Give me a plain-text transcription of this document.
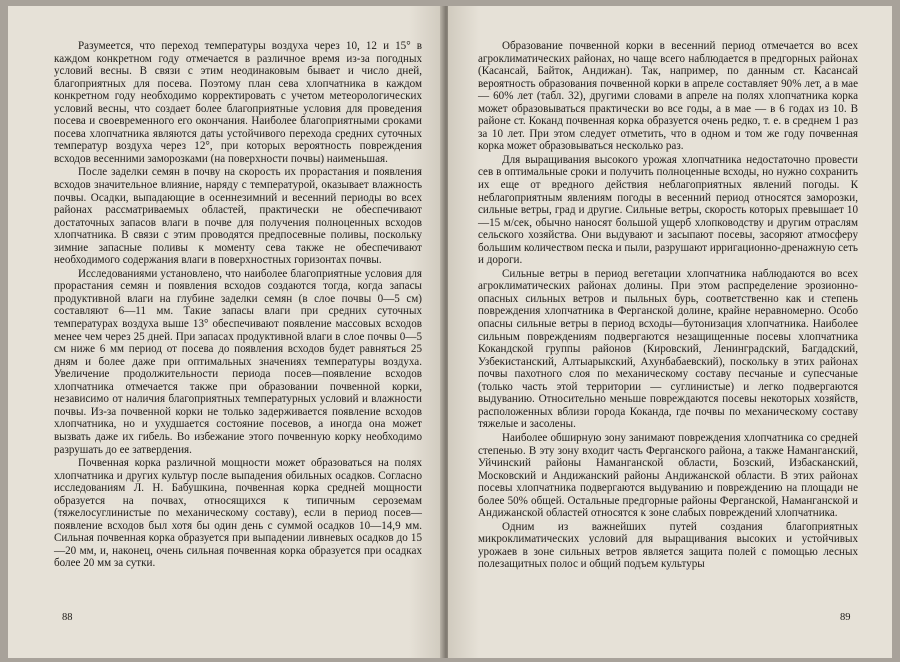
Разумеется, что переход температуры воздуха через 10, 12 и 15° в каждом конкретном году отмечается в различное время из-за погодных условий весны. В связи с этим неодинаковым бывает и число дней, благоприятных для посева. Поэтому план сева хлопчатника в каждом конкретном году необходимо корректировать с учетом метеорологических условий весны, что создает более благоприятные условия для проведения посева и своевременного его окончания. Наиболее благоприятными сроками посева хлопчатника являются даты устойчивого перехода средних суточных температур воздуха через 12°, при которых вероятность повреждения всходов весенними заморозками (на поверхности почвы) наименьшая.

После заделки семян в почву на скорость их прорастания и появления всходов значительное влияние, наряду с температурой, оказывает влажность почвы. Осадки, выпадающие в осеннезимний и весенний периоды во всех районах рассматриваемых областей, практически не обеспечивают достаточных запасов влаги в почве для получения полноценных всходов хлопчатника. В связи с этим проводятся предпосевные поливы, поскольку зимние запасные поливы к моменту сева также не обеспечивают необходимого содержания влаги в поверхностных горизонтах почвы.

Исследованиями установлено, что наиболее благоприятные условия для прорастания семян и появления всходов создаются тогда, когда запасы продуктивной влаги на глубине заделки семян (в слое почвы 0—5 см) составляют 6—11 мм. Такие запасы влаги при средних суточных температурах воздуха выше 13° обеспечивают появление массовых всходов менее чем через 25 дней. При запасах продуктивной влаги в слое почвы 0—5 см ниже 6 мм период от посева до появления всходов будет равняться 25 дням и более даже при оптимальных значениях температуры воздуха. Увеличение продолжительности периода посев—появление всходов хлопчатника отмечается также при образовании почвенной корки, независимо от наличия благоприятных температурных условий и влажности почвы. Из-за почвенной корки не только задерживается появление всходов хлопчатника, но и ухудшается состояние посевов, а иногда она может вызвать даже их гибель. Во избежание этого почвенную корку необходимо разрушать до ее затвердения.

Почвенная корка различной мощности может образоваться на полях хлопчатника и других культур после выпадения обильных осадков. Согласно исследованиям Л. Н. Бабушкина, почвенная корка средней мощности образуется на почвах, относящихся к типичным сероземам (тяжелосуглинистые по механическому составу), если в период посев—появление всходов был хотя бы один день с суммой осадков 10—14,9 мм. Сильная почвенная корка образуется при выпадении ливневых осадков до 15—20 мм, и, наконец, очень сильная почвенная корка образуется при осадках более 20 мм за сутки.

88

Образование почвенной корки в весенний период отмечается во всех агроклиматических районах, но чаще всего наблюдается в предгорных районах (Касансай, Байток, Андижан). Так, например, по данным ст. Касансай вероятность образования почвенной корки в апреле составляет 90% лет, а в мае — 60% лет (табл. 32), другими словами в апреле на полях хлопчатника корка может образовываться практически во все годы, а в мае — в 6 годах из 10. В районе ст. Коканд почвенная корка образуется очень редко, т. е. в среднем 1 раз за 10 лет. При этом следует отметить, что в одном и том же году почвенная корка может образовываться несколько раз.

Для выращивания высокого урожая хлопчатника недостаточно провести сев в оптимальные сроки и получить полноценные всходы, но нужно сохранить их еще от вредного действия неблагоприятных явлений погоды. К неблагоприятным явлениям погоды в весенний период относятся заморозки, сильные ветры, град и другие. Сильные ветры, скорость которых превышает 10—15 м/сек, обычно наносят большой ущерб хлопководству и другим отраслям сельского хозяйства. Они выдувают и засыпают посевы, засоряют атмосферу большим количеством песка и пыли, разрушают ирригационно-дренажную сеть и дороги.

Сильные ветры в период вегетации хлопчатника наблюдаются во всех агроклиматических районах долины. При этом распределение эрозионно-опасных сильных ветров и пыльных бурь, соответственно как и степень повреждения хлопчатника в Ферганской долине, крайне неравномерно. Особо опасны сильные ветры в период всходы—бутонизация хлопчатника. Наиболее сильным повреждениям подвергаются незащищенные посевы хлопчатника Кокандской группы районов (Кировский, Ленинградский, Багдадский, Узбекистанский, Алтыарыкский, Ахунбабаевский), поскольку в этих районах почвы пахотного слоя по механическому составу песчаные и супесчаные (только часть этой территории — суглинистые) и легко подвергаются выдуванию. Относительно меньше повреждаются посевы некоторых хозяйств, расположенных вблизи города Коканда, где почвы по механическому составу тяжелые и засолены.

Наиболее обширную зону занимают повреждения хлопчатника со средней степенью. В эту зону входит часть Ферганского района, а также Наманганский, Уйчинский районы Наманганской области, Бозский, Избасканский, Московский и Андижанский районы Андижанской области. В этих районах посевы хлопчатника подвергаются выдуванию и повреждению на площади не более 50% общей. Остальные предгорные районы Ферганской, Наманганской и Андижанской областей относятся к зоне слабых повреждений хлопчатника.

Одним из важнейших путей создания благоприятных микроклиматических условий для выращивания высоких и устойчивых урожаев в зоне сильных ветров является защита полей с помощью лесных полезащитных полос и общий подъем культуры

89
